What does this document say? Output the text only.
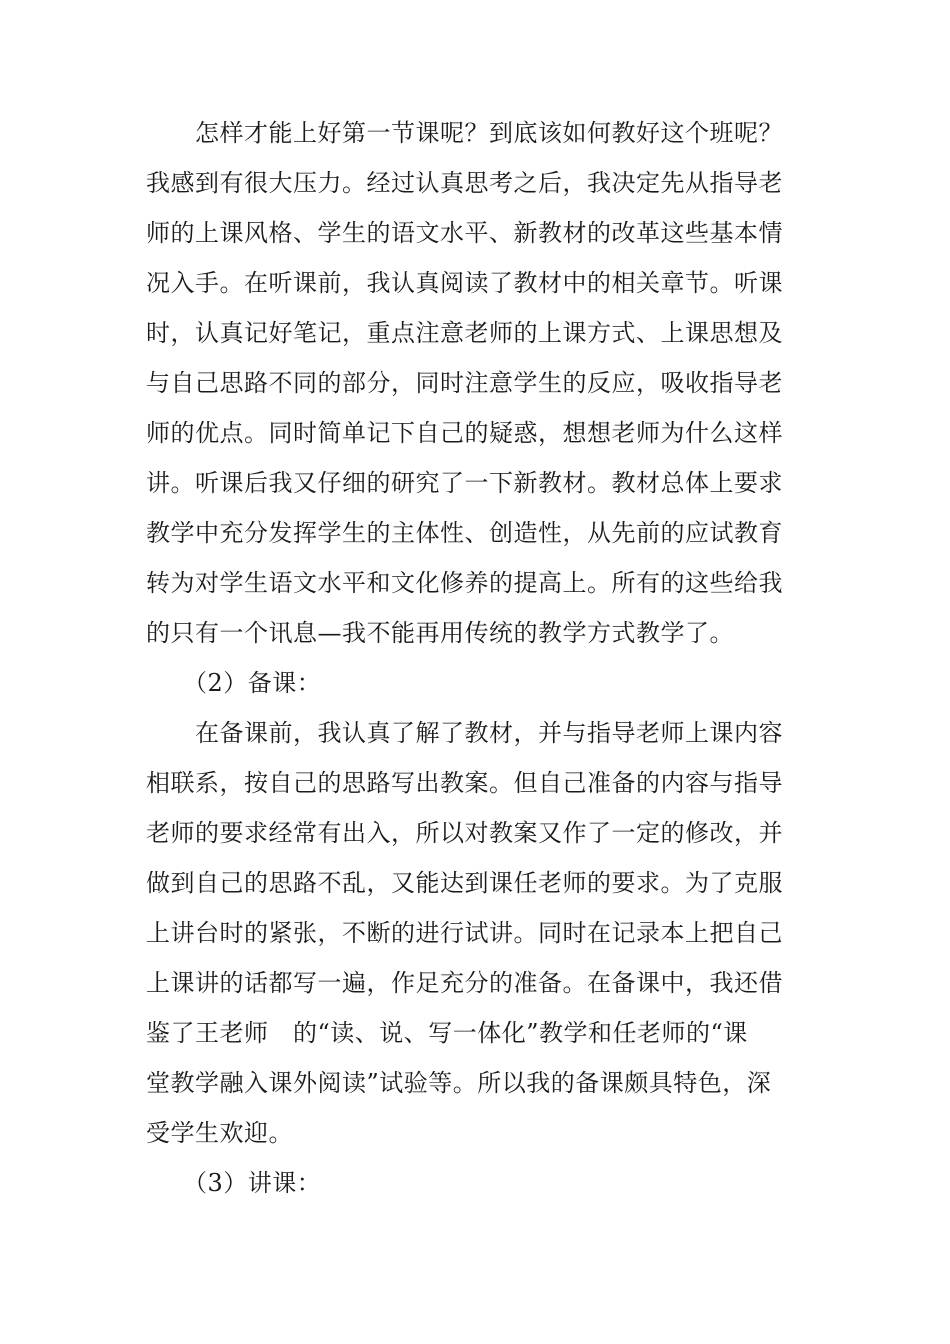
　　怎样才能上好第一节课呢？到底该如何教好这个班呢？
我感到有很大压力。经过认真思考之后，我决定先从指导老
师的上课风格、学生的语文水平、新教材的改革这些基本情
况入手。在听课前，我认真阅读了教材中的相关章节。听课
时，认真记好笔记，重点注意老师的上课方式、上课思想及
与自己思路不同的部分，同时注意学生的反应，吸收指导老
师的优点。同时简单记下自己的疑惑，想想老师为什么这样
讲。听课后我又仔细的研究了一下新教材。教材总体上要求
教学中充分发挥学生的主体性、创造性，从先前的应试教育
转为对学生语文水平和文化修养的提高上。所有的这些给我
的只有一个讯息—我不能再用传统的教学方式教学了。
　　（2）备课：
　　在备课前，我认真了解了教材，并与指导老师上课内容
相联系，按自己的思路写出教案。但自己准备的内容与指导
老师的要求经常有出入，所以对教案又作了一定的修改，并
做到自己的思路不乱，又能达到课任老师的要求。为了克服
上讲台时的紧张，不断的进行试讲。同时在记录本上把自己
上课讲的话都写一遍，作足充分的准备。在备课中，我还借
鉴了王老师　的“读、说、写一体化”教学和任老师的“课
堂教学融入课外阅读”试验等。所以我的备课颇具特色，深
受学生欢迎。
　　（3）讲课：
